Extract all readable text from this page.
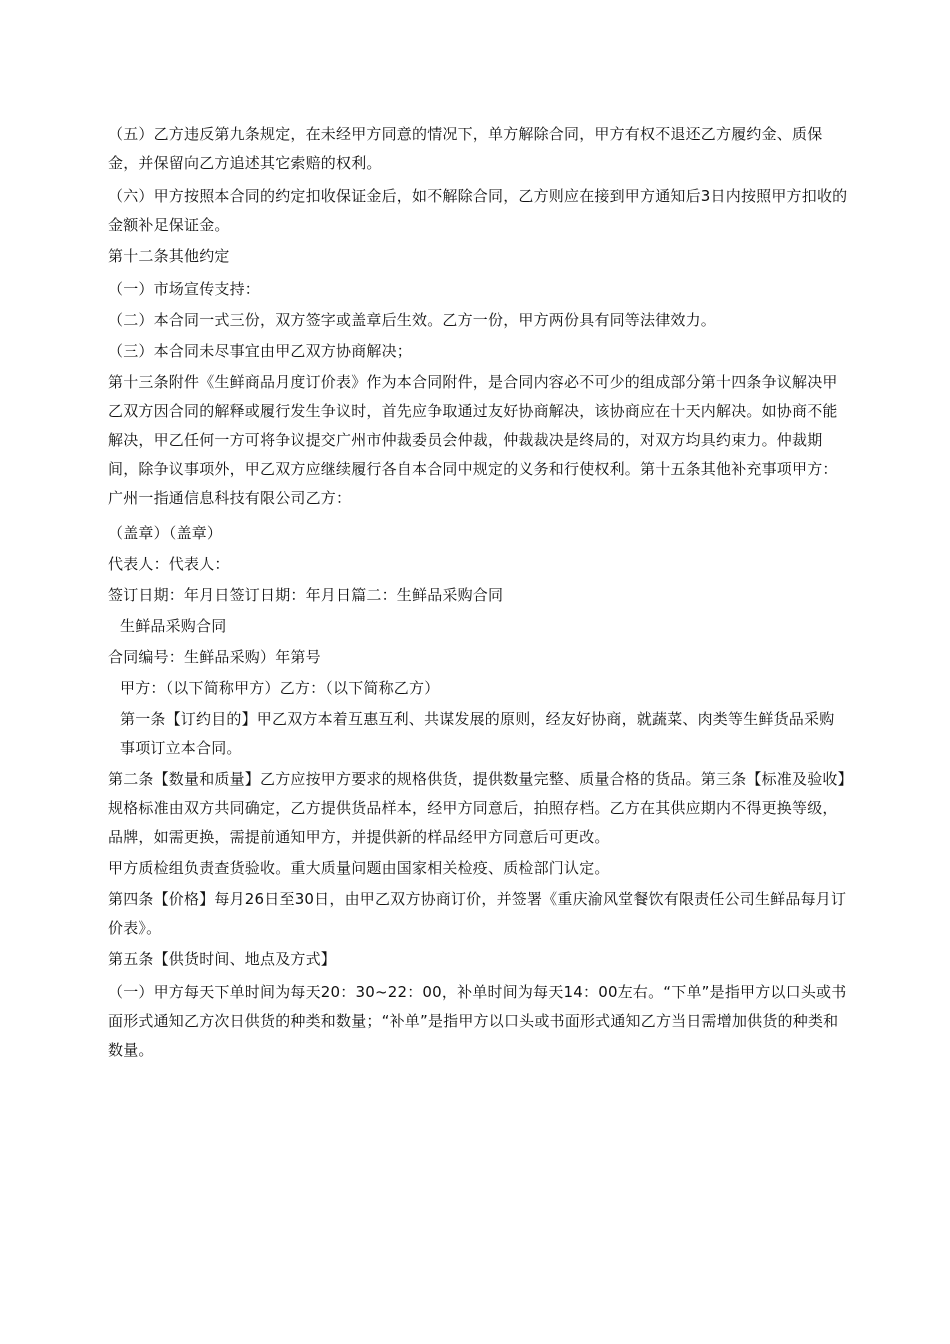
（五）乙方违反第九条规定，在未经甲方同意的情况下，单方解除合同，甲方有权不退还乙方履约金、质保金，并保留向乙方追述其它索赔的权利。

（六）甲方按照本合同的约定扣收保证金后，如不解除合同，乙方则应在接到甲方通知后3日内按照甲方扣收的金额补足保证金。

第十二条其他约定

（一）市场宣传支持：

（二）本合同一式三份，双方签字或盖章后生效。乙方一份，甲方两份具有同等法律效力。

（三）本合同未尽事宜由甲乙双方协商解决；

第十三条附件《生鲜商品月度订价表》作为本合同附件，是合同内容必不可少的组成部分第十四条争议解决甲乙双方因合同的解释或履行发生争议时，首先应争取通过友好协商解决，该协商应在十天内解决。如协商不能解决，甲乙任何一方可将争议提交广州市仲裁委员会仲裁，仲裁裁决是终局的，对双方均具约束力。仲裁期间，除争议事项外，甲乙双方应继续履行各自本合同中规定的义务和行使权利。第十五条其他补充事项甲方：广州一指通信息科技有限公司乙方：

（盖章）（盖章）

代表人：代表人：

签订日期：年月日签订日期：年月日篇二：生鲜品采购合同

生鲜品采购合同

合同编号：生鲜品采购）年第号

甲方：（以下简称甲方）乙方：（以下简称乙方）

第一条【订约目的】甲乙双方本着互惠互利、共谋发展的原则，经友好协商，就蔬菜、肉类等生鲜货品采购事项订立本合同。

第二条【数量和质量】乙方应按甲方要求的规格供货，提供数量完整、质量合格的货品。第三条【标准及验收】规格标准由双方共同确定，乙方提供货品样本，经甲方同意后，拍照存档。乙方在其供应期内不得更换等级，品牌，如需更换，需提前通知甲方，并提供新的样品经甲方同意后可更改。

甲方质检组负责查货验收。重大质量问题由国家相关检疫、质检部门认定。

第四条【价格】每月26日至30日，由甲乙双方协商订价，并签署《重庆渝风堂餐饮有限责任公司生鲜品每月订价表》。

第五条【供货时间、地点及方式】

（一）甲方每天下单时间为每天20：30~22：00，补单时间为每天14：00左右。“下单”是指甲方以口头或书面形式通知乙方次日供货的种类和数量；“补单”是指甲方以口头或书面形式通知乙方当日需增加供货的种类和数量。
